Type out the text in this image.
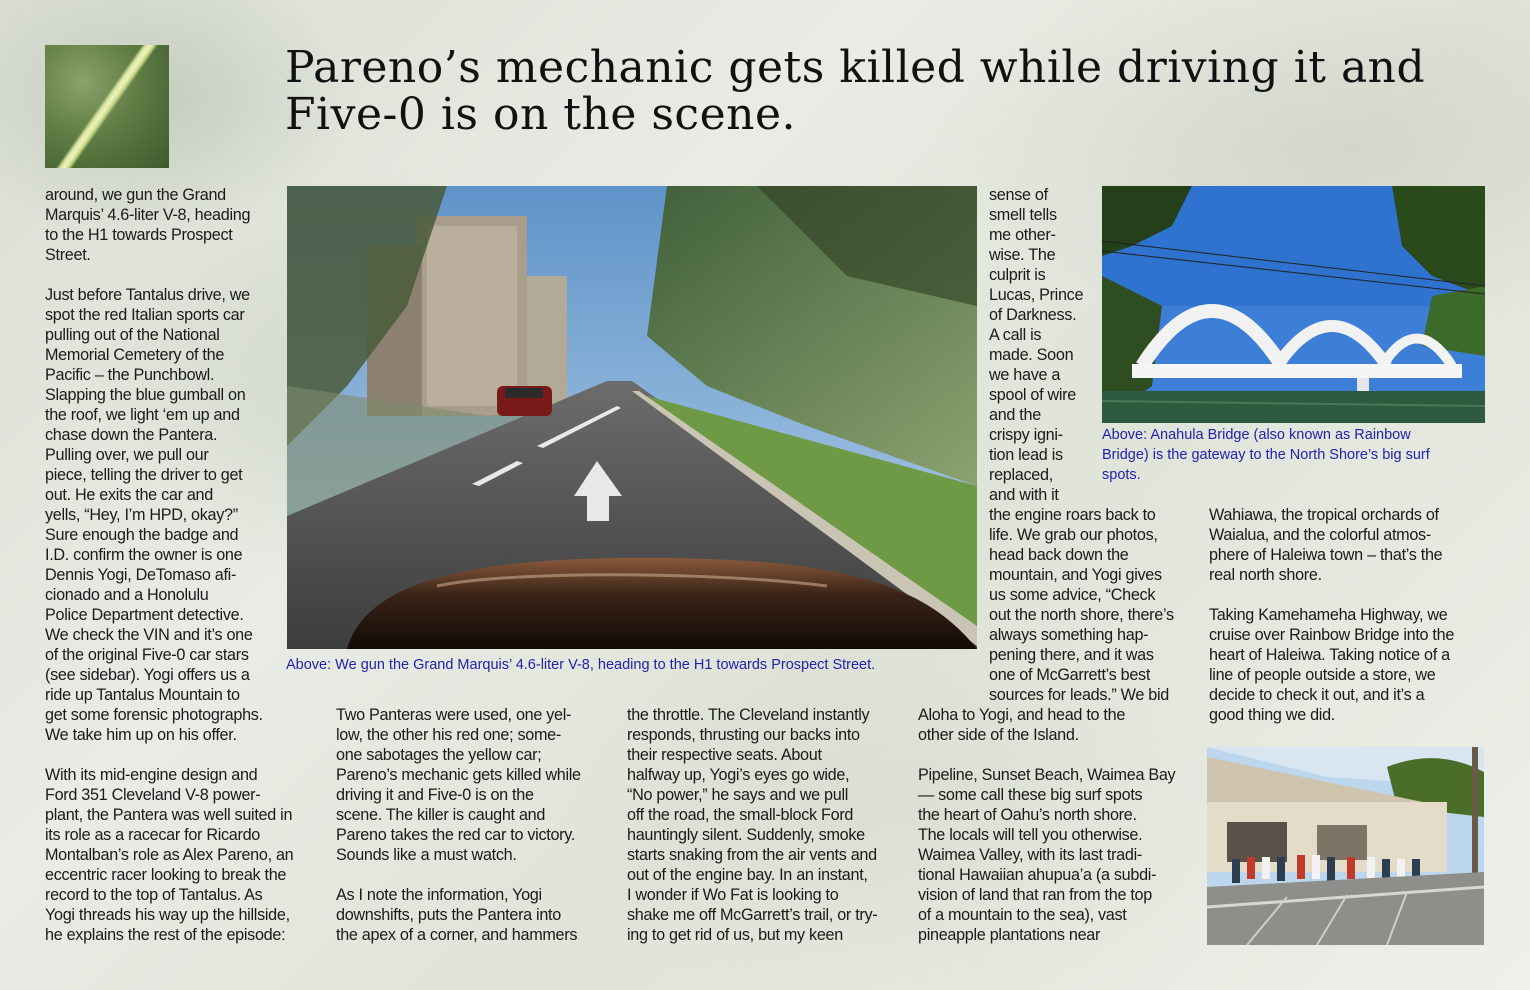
Pareno’s mechanic gets killed while driving it and Five-0 is on the scene.

around, we gun the Grand
Marquis’ 4.6-liter V-8, heading
to the H1 towards Prospect
Street.

Just before Tantalus drive, we
spot the red Italian sports car
pulling out of the National
Memorial Cemetery of the
Pacific – the Punchbowl.
Slapping the blue gumball on
the roof, we light ‘em up and
chase down the Pantera.
Pulling over, we pull our
piece, telling the driver to get
out. He exits the car and
yells, “Hey, I’m HPD, okay?”
Sure enough the badge and
I.D. confirm the owner is one
Dennis Yogi, DeTomaso afi-
cionado and a Honolulu
Police Department detective.
We check the VIN and it’s one
of the original Five-0 car stars
(see sidebar). Yogi offers us a
ride up Tantalus Mountain to
get some forensic photographs.
We take him up on his offer.

With its mid-engine design and
Ford 351 Cleveland V-8 power-
plant, the Pantera was well suited in
its role as a racecar for Ricardo
Montalban’s role as Alex Pareno, an
eccentric racer looking to break the
record to the top of Tantalus. As
Yogi threads his way up the hillside,
he explains the rest of the episode:

Above: We gun the Grand Marquis’ 4.6-liter V-8, heading to the H1 towards Prospect Street.

Two Panteras were used, one yel-
low, the other his red one; some-
one sabotages the yellow car;
Pareno’s mechanic gets killed while
driving it and Five-0 is on the
scene. The killer is caught and
Pareno takes the red car to victory.
Sounds like a must watch.

As I note the information, Yogi
downshifts, puts the Pantera into
the apex of a corner, and hammers

the throttle. The Cleveland instantly
responds, thrusting our backs into
their respective seats. About
halfway up, Yogi’s eyes go wide,
“No power,” he says and we pull
off the road, the small-block Ford
hauntingly silent. Suddenly, smoke
starts snaking from the air vents and
out of the engine bay. In an instant,
I wonder if Wo Fat is looking to
shake me off McGarrett’s trail, or try-
ing to get rid of us, but my keen

sense of
smell tells
me other-
wise. The
culprit is
Lucas, Prince
of Darkness.
A call is
made. Soon
we have a
spool of wire
and the
crispy igni-
tion lead is
replaced,
and with it

the engine roars back to
life. We grab our photos,
head back down the
mountain, and Yogi gives
us some advice, “Check
out the north shore, there’s
always something hap-
pening there, and it was
one of McGarrett’s best
sources for leads.” We bid

Aloha to Yogi, and head to the
other side of the Island.

Pipeline, Sunset Beach, Waimea Bay
— some call these big surf spots
the heart of Oahu’s north shore.
The locals will tell you otherwise.
Waimea Valley, with its last tradi-
tional Hawaiian ahupua’a (a subdi-
vision of land that ran from the top
of a mountain to the sea), vast
pineapple plantations near

Above: Anahula Bridge (also known as Rainbow
Bridge) is the gateway to the North Shore’s big surf
spots.

Wahiawa, the tropical orchards of
Waialua, and the colorful atmos-
phere of Haleiwa town – that’s the
real north shore.

Taking Kamehameha Highway, we
cruise over Rainbow Bridge into the
heart of Haleiwa. Taking notice of a
line of people outside a store, we
decide to check it out, and it’s a
good thing we did.
